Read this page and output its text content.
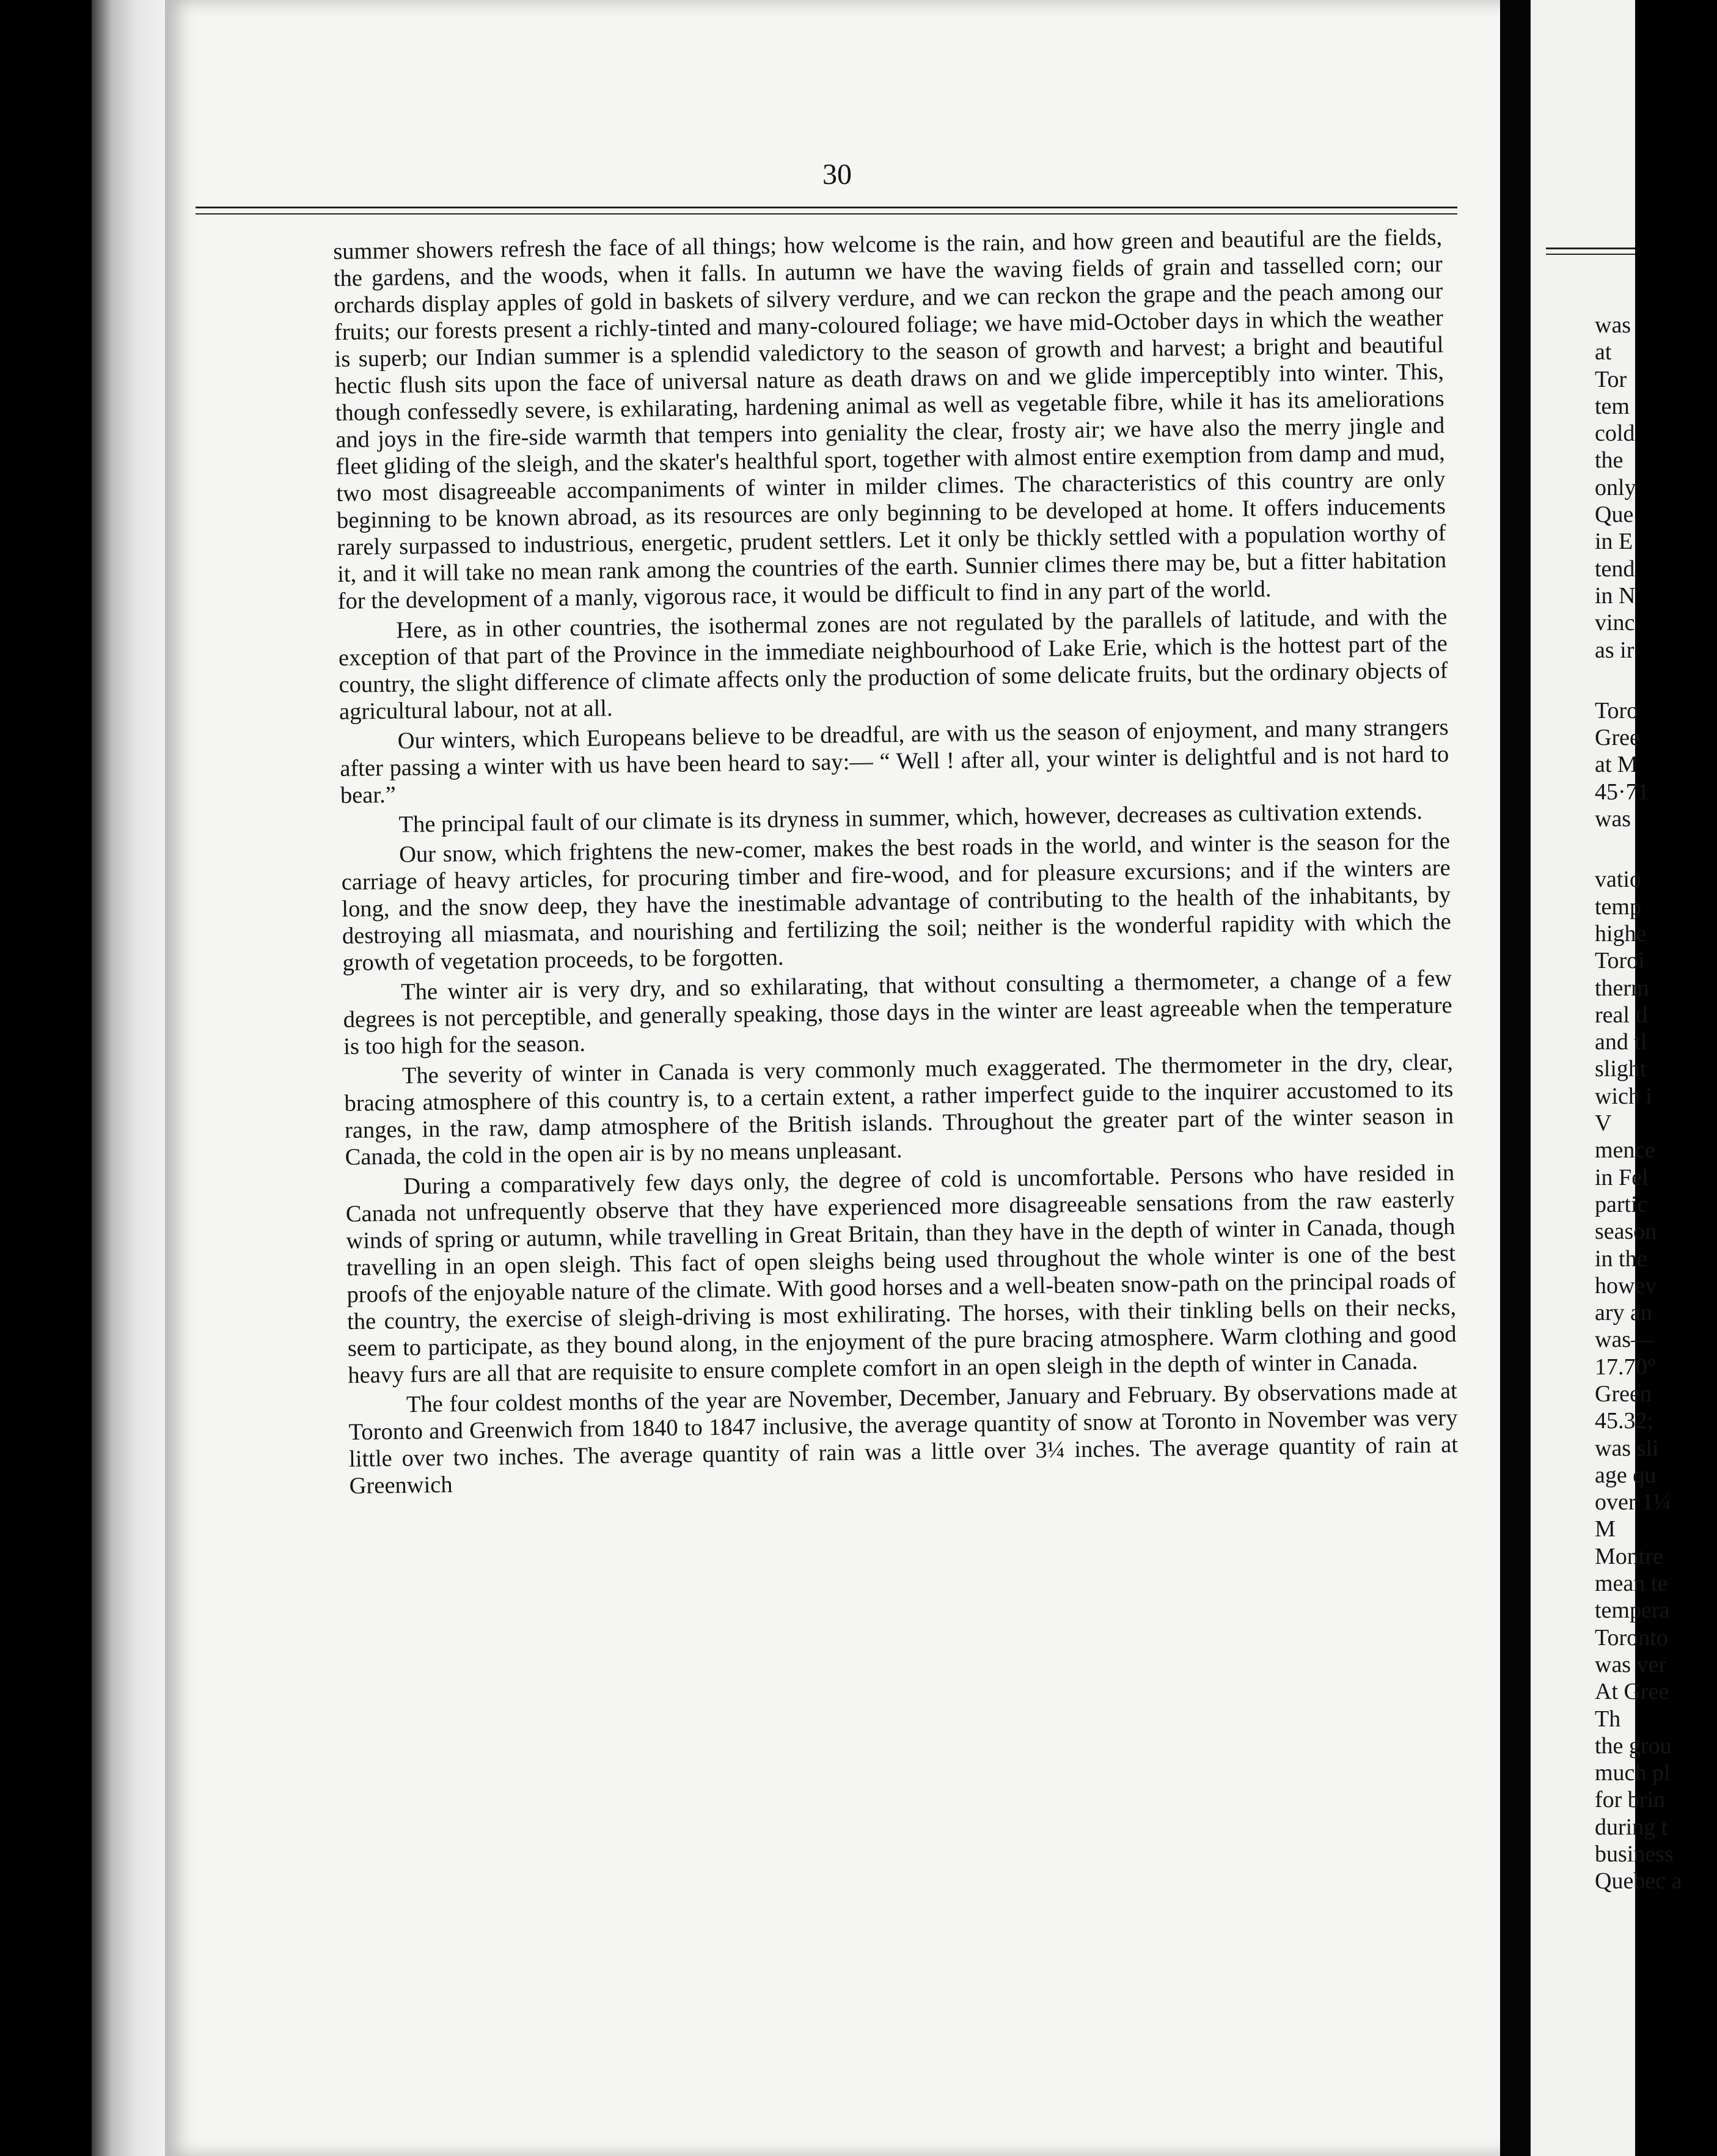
30

summer showers refresh the face of all things; how welcome is the rain, and how green and beautiful are the fields, the gardens, and the woods, when it falls. In autumn we have the waving fields of grain and tasselled corn; our orchards display apples of gold in baskets of silvery verdure, and we can reckon the grape and the peach among our fruits; our forests present a richly-tinted and many-coloured foliage; we have mid-October days in which the weather is superb; our Indian summer is a splendid valedictory to the season of growth and harvest; a bright and beautiful hectic flush sits upon the face of universal nature as death draws on and we glide imperceptibly into winter. This, though confessedly severe, is exhilarating, hardening animal as well as vegetable fibre, while it has its ameliorations and joys in the fire-side warmth that tempers into geniality the clear, frosty air; we have also the merry jingle and fleet gliding of the sleigh, and the skater's healthful sport, together with almost entire exemption from damp and mud, two most disagreeable accompaniments of winter in milder climes. The characteristics of this country are only beginning to be known abroad, as its resources are only beginning to be developed at home. It offers inducements rarely surpassed to industrious, energetic, prudent settlers. Let it only be thickly settled with a population worthy of it, and it will take no mean rank among the countries of the earth. Sunnier climes there may be, but a fitter habitation for the development of a manly, vigorous race, it would be difficult to find in any part of the world.

Here, as in other countries, the isothermal zones are not regulated by the parallels of latitude, and with the exception of that part of the Province in the immediate neighbourhood of Lake Erie, which is the hottest part of the country, the slight difference of climate affects only the production of some delicate fruits, but the ordinary objects of agricultural labour, not at all.

Our winters, which Europeans believe to be dreadful, are with us the season of enjoyment, and many strangers after passing a winter with us have been heard to say:— “ Well ! after all, your winter is delightful and is not hard to bear.”

The principal fault of our climate is its dryness in summer, which, however, decreases as cultivation extends.

Our snow, which frightens the new-comer, makes the best roads in the world, and winter is the season for the carriage of heavy articles, for procuring timber and fire-wood, and for pleasure excursions; and if the winters are long, and the snow deep, they have the inestimable advantage of contributing to the health of the inhabitants, by destroying all miasmata, and nourishing and fertilizing the soil; neither is the wonderful rapidity with which the growth of vegetation proceeds, to be forgotten.

The winter air is very dry, and so exhilarating, that without consulting a thermometer, a change of a few degrees is not perceptible, and generally speaking, those days in the winter are least agreeable when the temperature is too high for the season.

The severity of winter in Canada is very commonly much exaggerated. The thermometer in the dry, clear, bracing atmosphere of this country is, to a certain extent, a rather imperfect guide to the inquirer accustomed to its ranges, in the raw, damp atmosphere of the British islands. Throughout the greater part of the winter season in Canada, the cold in the open air is by no means unpleasant.

During a comparatively few days only, the degree of cold is uncomfortable. Persons who have resided in Canada not unfrequently observe that they have experienced more disagreeable sensations from the raw easterly winds of spring or autumn, while travelling in Great Britain, than they have in the depth of winter in Canada, though travelling in an open sleigh. This fact of open sleighs being used throughout the whole winter is one of the best proofs of the enjoyable nature of the climate. With good horses and a well-beaten snow-path on the principal roads of the country, the exercise of sleigh-driving is most exhilirating. The horses, with their tinkling bells on their necks, seem to participate, as they bound along, in the enjoyment of the pure bracing atmosphere. Warm clothing and good heavy furs are all that are requisite to ensure complete comfort in an open sleigh in the depth of winter in Canada.

The four coldest months of the year are November, December, January and February. By observations made at Toronto and Greenwich from 1840 to 1847 inclusive, the average quantity of snow at Toronto in November was very little over two inches. The average quantity of rain was a little over 3¼ inches. The average quantity of rain at Greenwich

was
at
Tor
tem
cold
the
only
Que
in E
tend
in N
vinc
as ir
Toro
Gree
at M
45·71
was
vatio
temp
highe
Toroi
therm
real tl
and tl
slight
wich i
V
mence
in Fel
partic
season
in the
howev
ary an
was—
17.70°
Green
45.32;
was sli
age qu
over 1¼
M
Montre
mean te
tempera
Toronto
was ver
At Gree
Th
the grou
much pl
for brin
during t
business
Quebec a
